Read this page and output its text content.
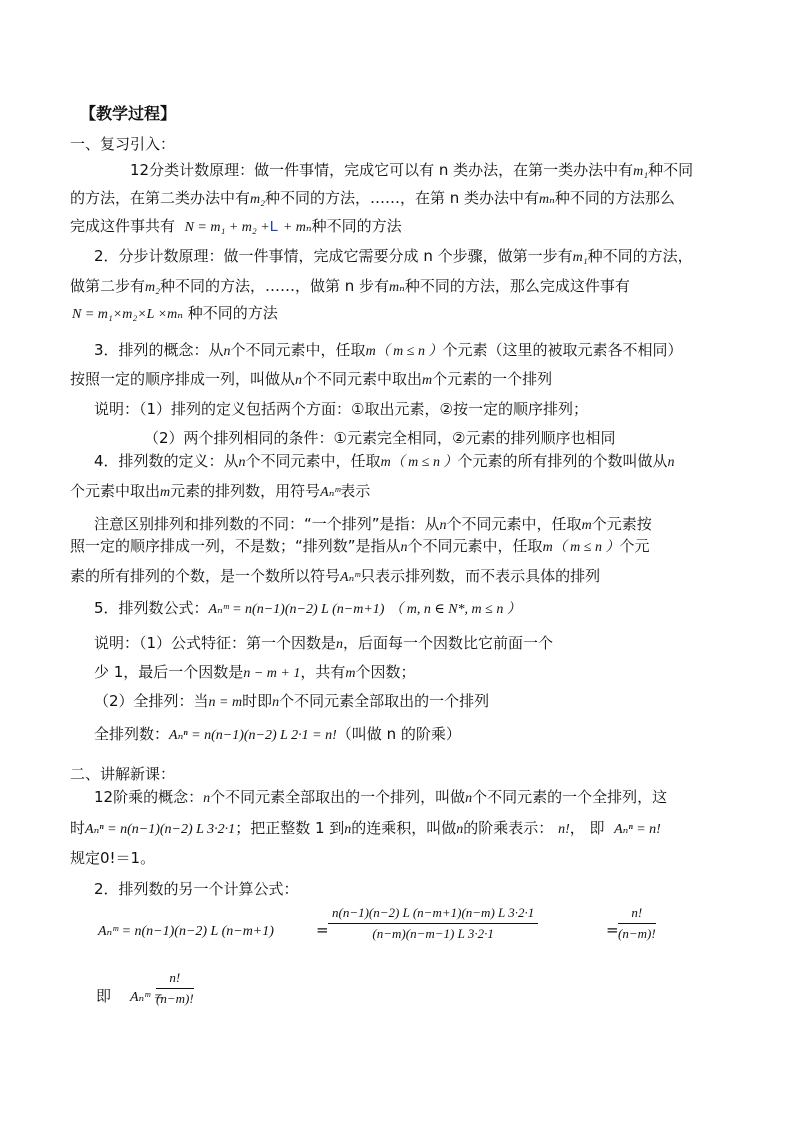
【教学过程】
一、复习引入：
12分类计数原理：做一件事情，完成它可以有 n 类办法，在第一类办法中有m₁种不同
的方法，在第二类办法中有m₂种不同的方法，……，在第 n 类办法中有mₙ种不同的方法那么
完成这件事共有 N = m₁ + m₂ +L + mₙ种不同的方法
2．分步计数原理：做一件事情，完成它需要分成 n 个步骤，做第一步有m₁种不同的方法，
做第二步有m₂种不同的方法，……，做第 n 步有mₙ种不同的方法，那么完成这件事有
N = m₁×m₂×L ×mₙ 种不同的方法
3．排列的概念：从n个不同元素中，任取m（ m ≤ n ）个元素（这里的被取元素各不相同）
按照一定的顺序排成一列，叫做从n个不同元素中取出m个元素的一个排列
说明：（1）排列的定义包括两个方面：①取出元素，②按一定的顺序排列；
（2）两个排列相同的条件：①元素完全相同，②元素的排列顺序也相同
4．排列数的定义：从n个不同元素中，任取m（ m ≤ n ）个元素的所有排列的个数叫做从n
个元素中取出m元素的排列数，用符号Aₙᵐ表示
注意区别排列和排列数的不同：“一个排列”是指：从n个不同元素中，任取m个元素按
照一定的顺序排成一列，不是数；“排列数”是指从n个不同元素中，任取m（ m ≤ n ）个元
素的所有排列的个数，是一个数所以符号Aₙᵐ只表示排列数，而不表示具体的排列
5．排列数公式：Aₙᵐ = n(n−1)(n−2) L (n−m+1) （ m, n ∈ N*, m ≤ n ）
说明：（1）公式特征：第一个因数是n，后面每一个因数比它前面一个
少 1，最后一个因数是n − m + 1，共有m个因数；
（2）全排列：当n = m时即n个不同元素全部取出的一个排列
全排列数：Aₙⁿ = n(n−1)(n−2) L 2·1 = n!（叫做 n 的阶乘）
二、讲解新课：
12阶乘的概念：n个不同元素全部取出的一个排列，叫做n个不同元素的一个全排列，这
时Aₙⁿ = n(n−1)(n−2) L 3·2·1；把正整数 1 到n的连乘积，叫做n的阶乘表示： n!， 即 Aₙⁿ = n!
规定0!＝1。
2．排列数的另一个计算公式：
Aₙᵐ = n(n−1)(n−2) L (n−m+1)	= $\frac{n(n-1)(n-2) L (n-m+1)(n-m) L 3\cdot 2\cdot 1}{(n-m)(n-m-1) L 3\cdot 2\cdot 1}$	= $\frac{n!}{(n-m)!}$
即 Aₙᵐ =
$\frac{n!}{(n-m)!}$
